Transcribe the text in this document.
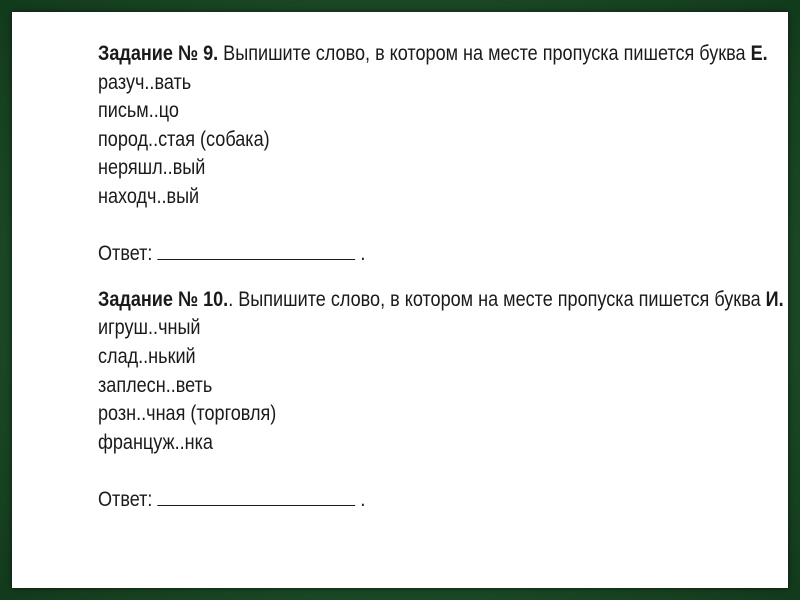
Задание № 9. Выпишите слово, в котором на месте пропуска пишется буква Е.
разуч..вать
письм..цо
пород..стая (собака)
неряшл..вый
находч..вый
Ответ:	.
Задание № 10.. Выпишите слово, в котором на месте пропуска пишется буква И.
игруш..чный
слад..нький
заплесн..веть
розн..чная (торговля)
француж..нка
Ответ:	.
